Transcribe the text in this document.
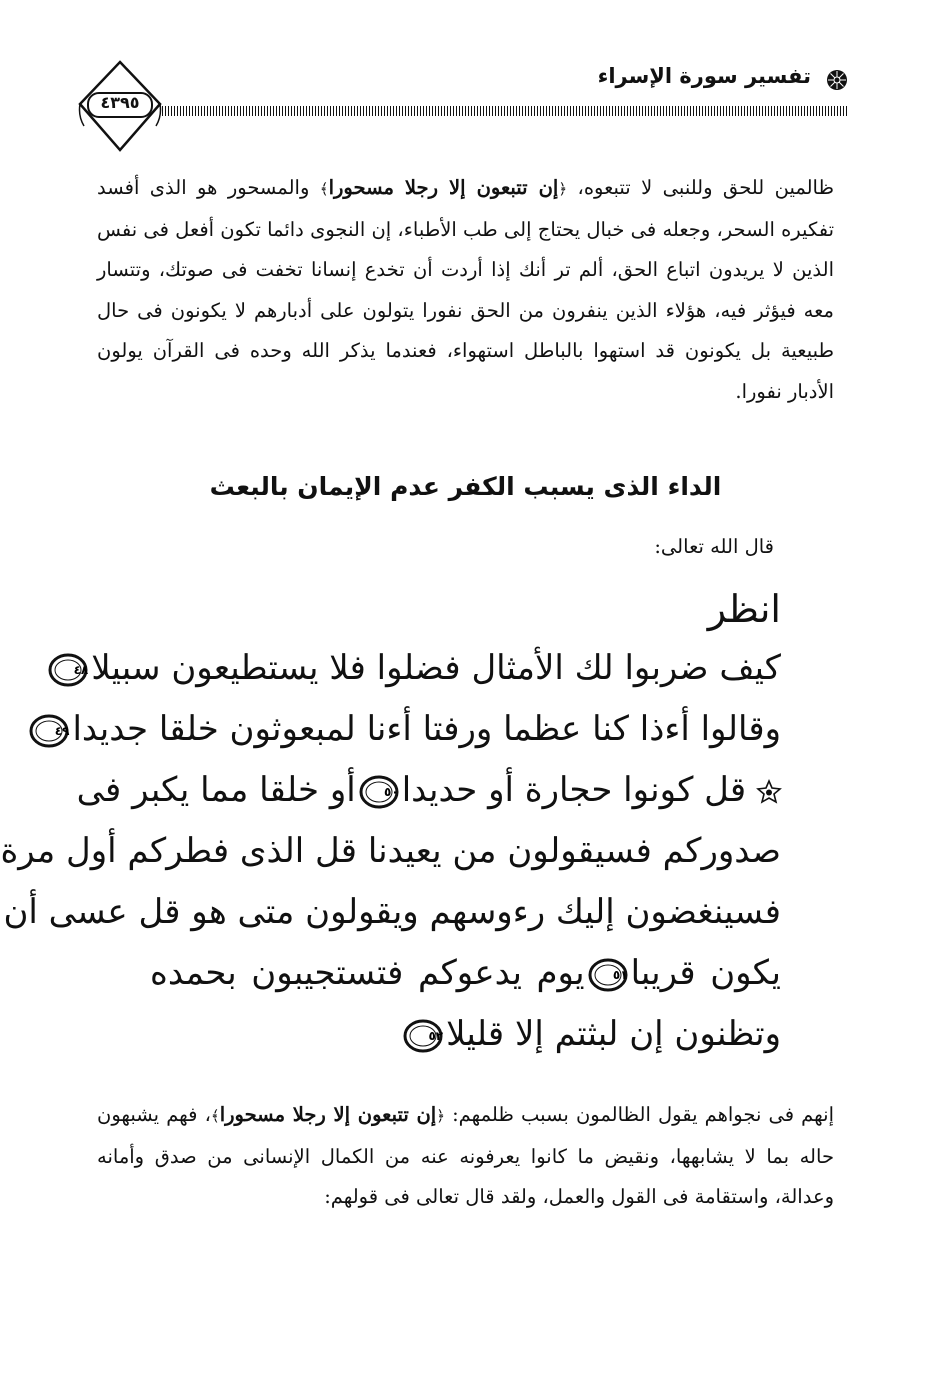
تفسير سورة الإسراء
٤٣٩٥
ظالمين للحق وللنبى لا تتبعوه، ﴿إن تتبعون إلا رجلا مسحورا﴾ والمسحور هو الذى أفسد تفكيره السحر، وجعله فى خبال يحتاج إلى طب الأطباء، إن النجوى دائما تكون أفعل فى نفس الذين لا يريدون اتباع الحق، ألم تر أنك إذا أردت أن تخدع إنسانا تخفت فى صوتك، وتتسار معه فيؤثر فيه، هؤلاء الذين ينفرون من الحق نفورا يتولون على أدبارهم لا يكونون فى حال طبيعية بل يكونون قد استهوا بالباطل استهواء، فعندما يذكر الله وحده فى القرآن يولون الأدبار نفورا.
الداء الذى يسبب الكفر عدم الإيمان بالبعث
قال الله تعالى:
انظر
كيف ضربوا لك الأمثال فضلوا فلا يستطيعون سبيلا
٤٨
وقالوا أءذا كنا عظما ورفتا أءنا لمبعوثون خلقا جديدا
٤٩
قل كونوا حجارة أو حديدا
٥٠
أو خلقا مما يكبر فى
صدوركم فسيقولون من يعيدنا قل الذى فطركم أول مرة
فسينغضون إليك رءوسهم ويقولون متى هو قل عسى أن
يكون قريبا
٥١
يوم يدعوكم فتستجيبون بحمده
وتظنون إن لبثتم إلا قليلا
٥٢
إنهم فى نجواهم يقول الظالمون بسبب ظلمهم: ﴿إن تتبعون إلا رجلا مسحورا﴾، فهم يشبهون حاله بما لا يشابهها، ونقيض ما كانوا يعرفونه عنه من الكمال الإنسانى من صدق وأمانه وعدالة، واستقامة فى القول والعمل، ولقد قال تعالى فى قولهم:
